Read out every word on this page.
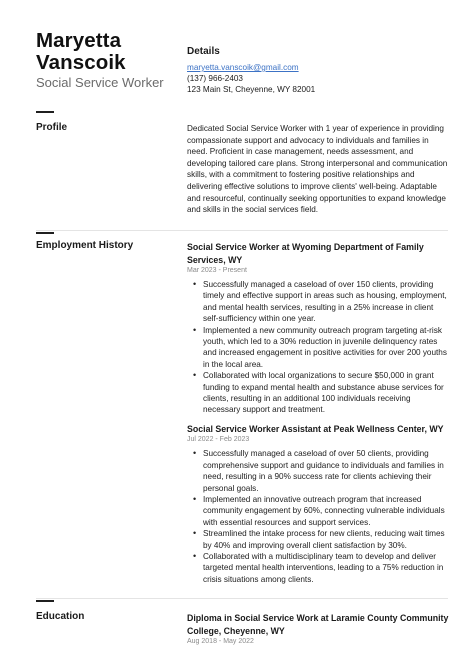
Maryetta
Vanscoik
Social Service Worker
Details
maryetta.vanscoik@gmail.com
(137) 966-2403
123 Main St, Cheyenne, WY 82001
Profile	Dedicated Social Service Worker with 1 year of experience in providing compassionate support and advocacy to individuals and families in need. Proficient in case management, needs assessment, and developing tailored care plans. Strong interpersonal and communication skills, with a commitment to fostering positive relationships and delivering effective solutions to improve clients' well-being. Adaptable and resourceful, continually seeking opportunities to expand knowledge and skills in the social services field.
Employment History	Social Service Worker at Wyoming Department of Family Services, WY
Mar 2023 - Present
• Successfully managed a caseload of over 150 clients, providing timely and effective support in areas such as housing, employment, and mental health services, resulting in a 25% increase in client self-sufficiency within one year.
• Implemented a new community outreach program targeting at-risk youth, which led to a 30% reduction in juvenile delinquency rates and increased engagement in positive activities for over 200 youths in the local area.
• Collaborated with local organizations to secure $50,000 in grant funding to expand mental health and substance abuse services for clients, resulting in an additional 100 individuals receiving necessary support and treatment.
Social Service Worker Assistant at Peak Wellness Center, WY
Jul 2022 - Feb 2023
• Successfully managed a caseload of over 50 clients, providing comprehensive support and guidance to individuals and families in need, resulting in a 90% success rate for clients achieving their personal goals.
• Implemented an innovative outreach program that increased community engagement by 60%, connecting vulnerable individuals with essential resources and support services.
• Streamlined the intake process for new clients, reducing wait times by 40% and improving overall client satisfaction by 30%.
• Collaborated with a multidisciplinary team to develop and deliver targeted mental health interventions, leading to a 75% reduction in crisis situations among clients.
Education	Diploma in Social Service Work at Laramie County Community College, Cheyenne, WY
Aug 2018 - May 2022
